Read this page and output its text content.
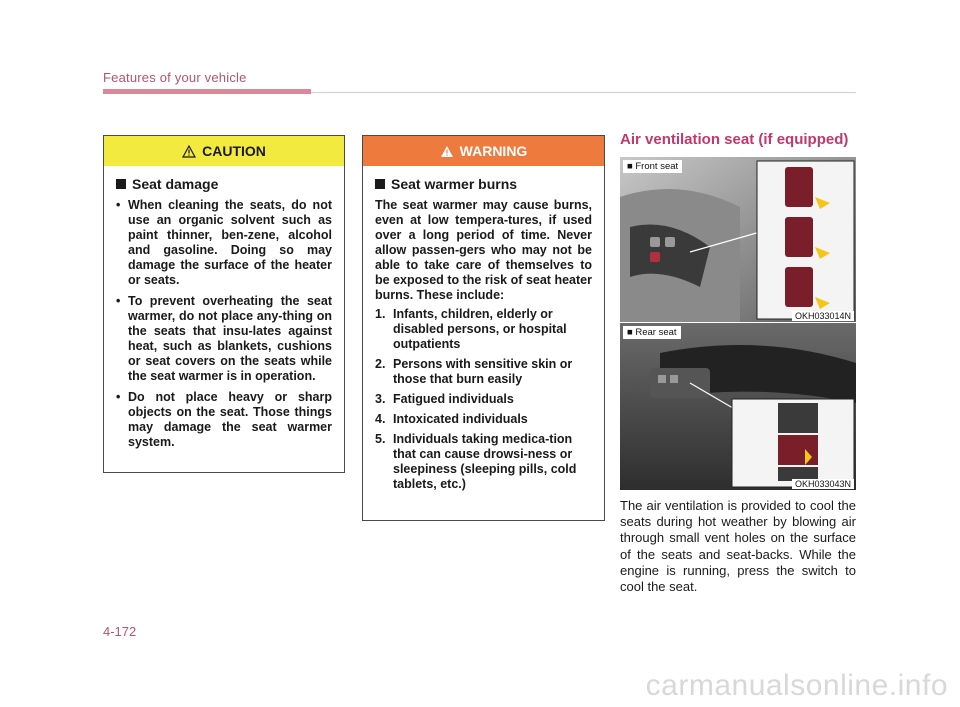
Features of your vehicle
CAUTION
Seat damage
• When cleaning the seats, do not use an organic solvent such as paint thinner, ben-zene, alcohol and gasoline. Doing so may damage the surface of the heater or seats.
• To prevent overheating the seat warmer, do not place any-thing on the seats that insu-lates against heat, such as blankets, cushions or seat covers on the seats while the seat warmer is in operation.
• Do not place heavy or sharp objects on the seat. Those things may damage the seat warmer system.
WARNING
Seat warmer burns

The seat warmer may cause burns, even at low tempera-tures, if used over a long period of time. Never allow passen-gers who may not be able to take care of themselves to be exposed to the risk of seat heater burns. These include:

1. Infants, children, elderly or disabled persons, or hospital outpatients
2. Persons with sensitive skin or those that burn easily
3. Fatigued individuals
4. Intoxicated individuals
5. Individuals taking medica-tion that can cause drowsi-ness or sleepiness (sleeping pills, cold tablets, etc.)
Air ventilation seat (if equipped)
■ Front seat
OKH033014N
■ Rear seat
OKH033043N

The air ventilation is provided to cool the seats during hot weather by blowing air through small vent holes on the surface of the seats and seat-backs. While the engine is running, press the switch to cool the seat.

4-172
carmanualsonline.info
